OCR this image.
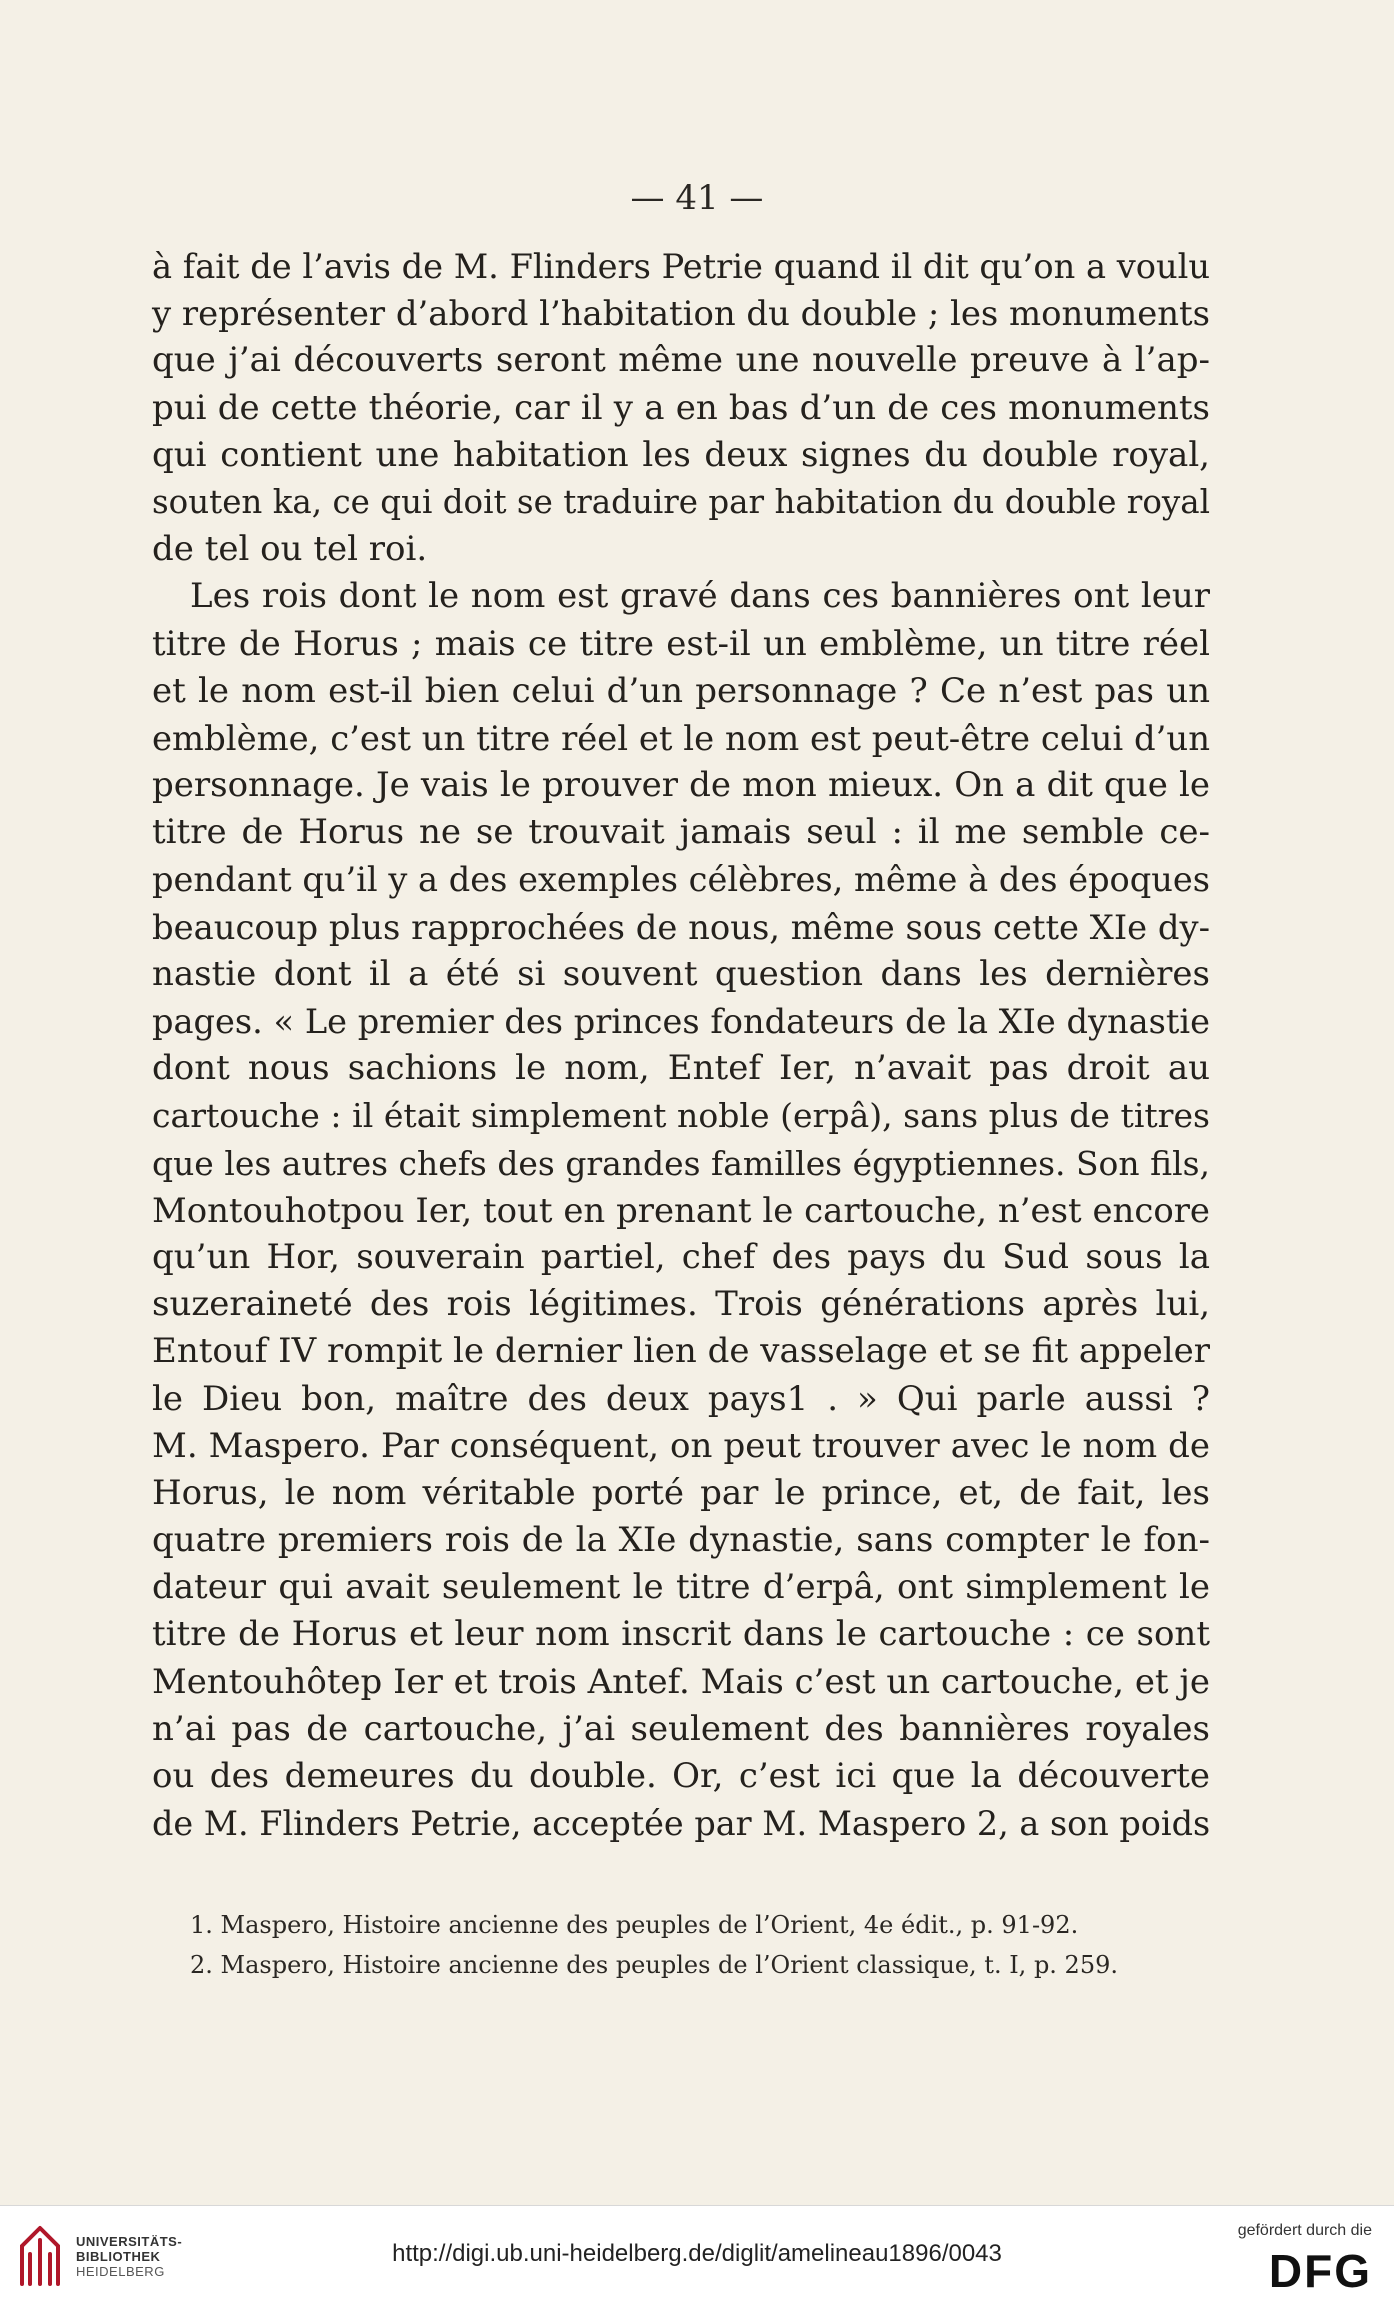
— 41 —
à fait de l’avis de M. Flinders Petrie quand il dit qu’on a voulu
y représenter d’abord l’habitation du double ; les monuments
que j’ai découverts seront même une nouvelle preuve à l’ap-
pui de cette théorie, car il y a en bas d’un de ces monuments
qui contient une habitation les deux signes du double royal,
souten ka, ce qui doit se traduire par habitation du double royal
de tel ou tel roi.
Les rois dont le nom est gravé dans ces bannières ont leur
titre de Horus ; mais ce titre est-il un emblème, un titre réel
et le nom est-il bien celui d’un personnage ? Ce n’est pas un
emblème, c’est un titre réel et le nom est peut-être celui d’un
personnage. Je vais le prouver de mon mieux. On a dit que le
titre de Horus ne se trouvait jamais seul : il me semble ce-
pendant qu’il y a des exemples célèbres, même à des époques
beaucoup plus rapprochées de nous, même sous cette XIe dy-
nastie dont il a été si souvent question dans les dernières
pages. « Le premier des princes fondateurs de la XIe dynastie
dont nous sachions le nom, Entef Ier, n’avait pas droit au
cartouche : il était simplement noble (erpâ), sans plus de titres
que les autres chefs des grandes familles égyptiennes. Son fils,
Montouhotpou Ier, tout en prenant le cartouche, n’est encore
qu’un Hor, souverain partiel, chef des pays du Sud sous la
suzeraineté des rois légitimes. Trois générations après lui,
Entouf IV rompit le dernier lien de vasselage et se fit appeler
le Dieu bon, maître des deux pays1 . » Qui parle aussi ?
M. Maspero. Par conséquent, on peut trouver avec le nom de
Horus, le nom véritable porté par le prince, et, de fait, les
quatre premiers rois de la XIe dynastie, sans compter le fon-
dateur qui avait seulement le titre d’erpâ, ont simplement le
titre de Horus et leur nom inscrit dans le cartouche : ce sont
Mentouhôtep Ier et trois Antef. Mais c’est un cartouche, et je
n’ai pas de cartouche, j’ai seulement des bannières royales
ou des demeures du double. Or, c’est ici que la découverte
de M. Flinders Petrie, acceptée par M. Maspero 2, a son poids
1. Maspero, Histoire ancienne des peuples de l’Orient, 4e édit., p. 91-92.
2. Maspero, Histoire ancienne des peuples de l’Orient classique, t. I, p. 259.
UNIVERSITÄTS-
BIBLIOTHEK
HEIDELBERG
http://digi.ub.uni-heidelberg.de/diglit/amelineau1896/0043
gefördert durch die
DFG
